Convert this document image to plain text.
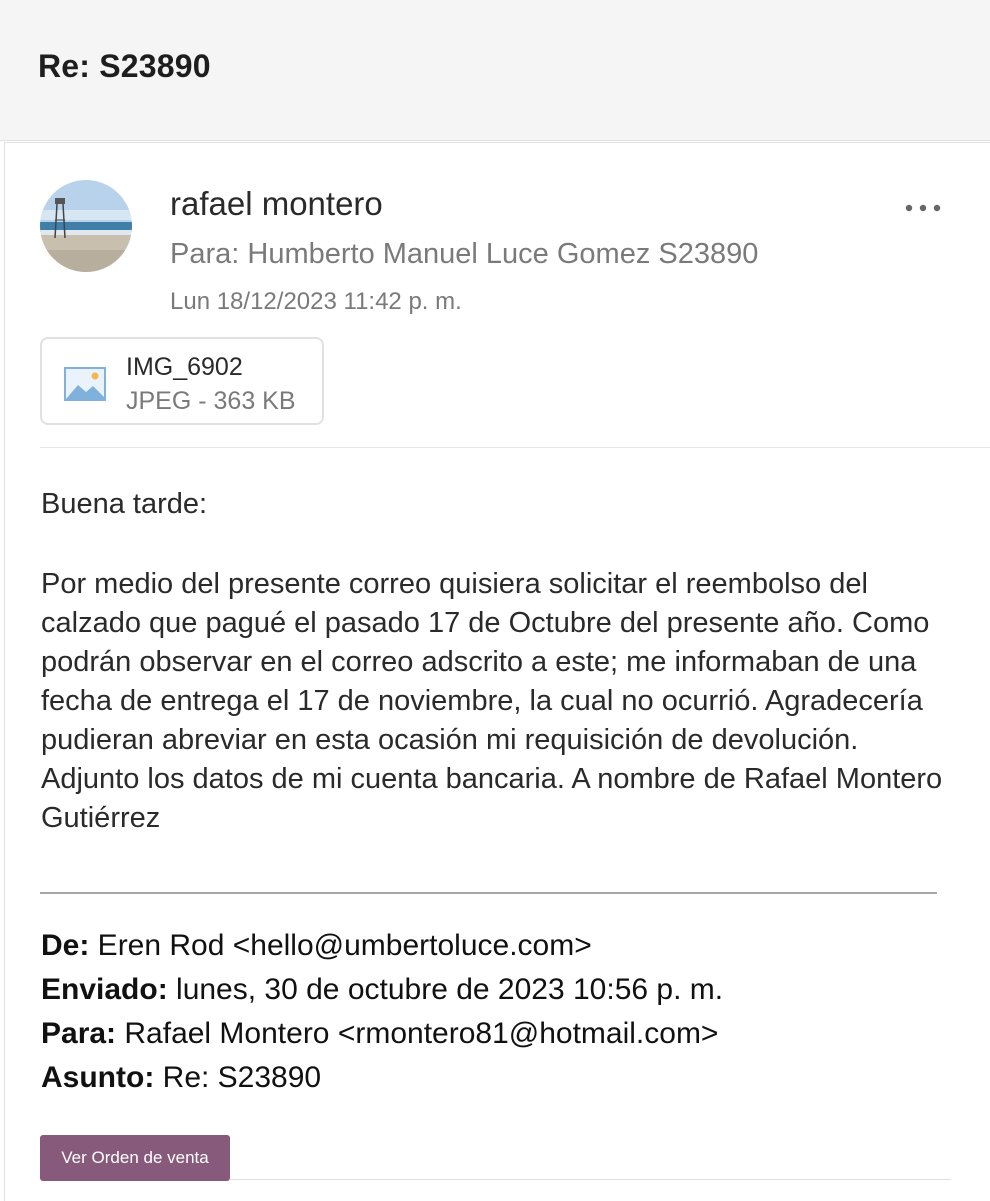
Re: S23890
rafael montero
Para: Humberto Manuel Luce Gomez S23890
Lun 18/12/2023 11:42 p. m.
IMG_6902
JPEG - 363 KB
Buena tarde:

Por medio del presente correo quisiera solicitar el reembolso del calzado que pagué el pasado 17 de Octubre del presente año. Como podrán observar en el correo adscrito a este; me informaban de una fecha de entrega el 17 de noviembre, la cual no ocurrió. Agradecería pudieran abreviar en esta ocasión mi requisición de devolución. Adjunto los datos de mi cuenta bancaria. A nombre de Rafael Montero Gutiérrez

De: Eren Rod <hello@umbertoluce.com>
Enviado: lunes, 30 de octubre de 2023 10:56 p. m.
Para: Rafael Montero <rmontero81@hotmail.com>
Asunto: Re: S23890
Ver Orden de venta
